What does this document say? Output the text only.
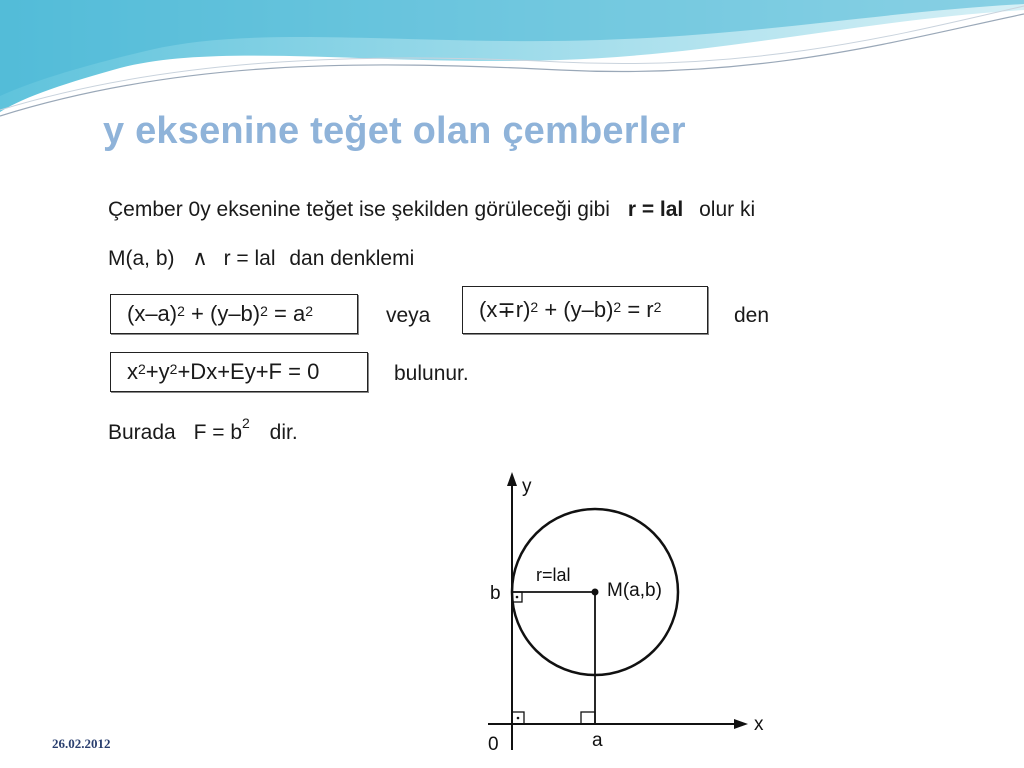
y eksenine teğet olan çemberler
Çember 0y eksenine teğet ise şekilden görüleceği gibi r = lal olur ki
M(a, b) ∧ r = lal dan denklemi
$(x-a)^2 + (y-b)^2 = a^2$	veya $(x\mp r)^2 + (y-b)^2 = r^2$	den
$x^2 +y^2 +Dx+Ey+F = 0$	bulunur.
Burada $F = b^2$ dir.
y
x
r=lal
M(a,b)
b
a
0
26.02.2012
